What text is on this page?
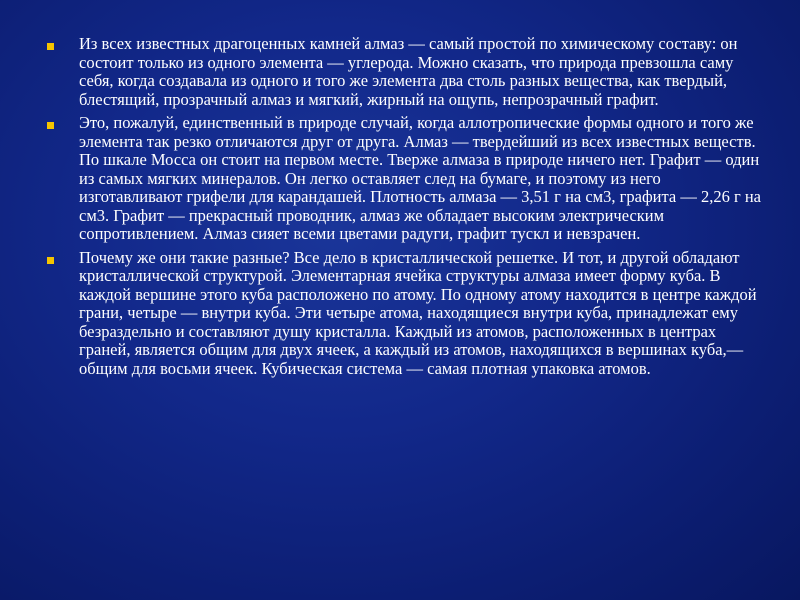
Из всех известных драгоценных камней алмаз — самый простой по химическому составу: он состоит только из одного элемента — углерода. Можно сказать, что природа превзошла саму себя, когда создавала из одного и того же элемента два столь разных вещества, как твердый, блестящий, прозрачный алмаз и мягкий, жирный на ощупь, непрозрачный графит.
Это, пожалуй, единственный в природе случай, когда аллотропические формы одного и того же элемента так резко отличаются друг от друга. Алмаз — твердейший из всех известных веществ. По шкале Мосса он стоит на первом месте. Тверже алмаза в природе ничего нет. Графит — один из самых мягких минералов. Он легко оставляет след на бумаге, и поэтому из него изготавливают грифели для карандашей. Плотность алмаза — 3,51 г на см3, графита — 2,26 г на см3. Графит — прекрасный проводник, алмаз же обладает высоким электрическим сопротивлением. Алмаз сияет всеми цветами радуги, графит тускл и невзрачен.
Почему же они такие разные? Все дело в кристаллической решетке. И тот, и другой обладают кристаллической структурой. Элементарная ячейка структуры алмаза имеет форму куба. В каждой вершине этого куба расположено по атому. По одному атому находится в центре каждой грани, четыре — внутри куба. Эти четыре атома, находящиеся внутри куба, принадлежат ему безраздельно и составляют душу кристалла. Каждый из атомов, расположенных в центрах граней, является общим для двух ячеек, а каждый из атомов, находящихся в вершинах куба,— общим для восьми ячеек. Кубическая система — самая плотная упаковка атомов.
